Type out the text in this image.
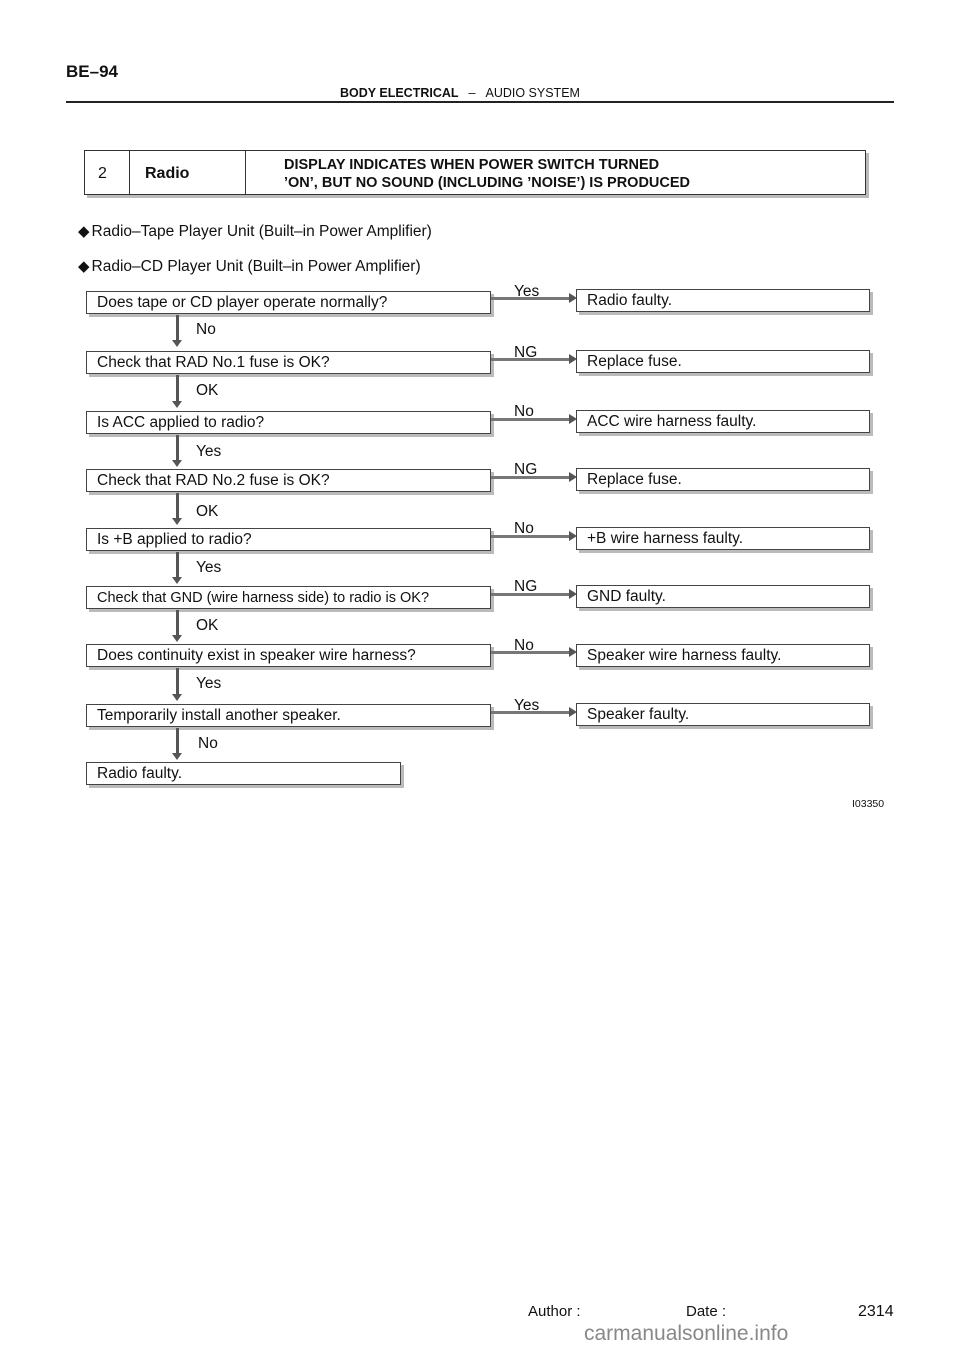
BE–94
BODY ELECTRICAL – AUDIO SYSTEM
2 Radio	DISPLAY INDICATES WHEN POWER SWITCH TURNED
’ON’, BUT NO SOUND (INCLUDING ’NOISE’) IS PRODUCED
◆ Radio–Tape Player Unit (Built–in Power Amplifier)
◆ Radio–CD Player Unit (Built–in Power Amplifier)
Does tape or CD player operate normally?
Yes
Radio faulty.
No
Check that RAD No.1 fuse is OK?
NG
Replace fuse.
OK
Is ACC applied to radio?
No
ACC wire harness faulty.
Yes
Check that RAD No.2 fuse is OK?
NG
Replace fuse.
OK
Is +B applied to radio?
No
+B wire harness faulty.
Yes
Check that GND (wire harness side) to radio is OK?
NG
GND faulty.
OK
Does continuity exist in speaker wire harness?
No
Speaker wire harness faulty.
Yes
Temporarily install another speaker.
Yes
Speaker faulty.
No
Radio faulty.
I03350
Author :	Date :	2314
carmanualsonline.info
